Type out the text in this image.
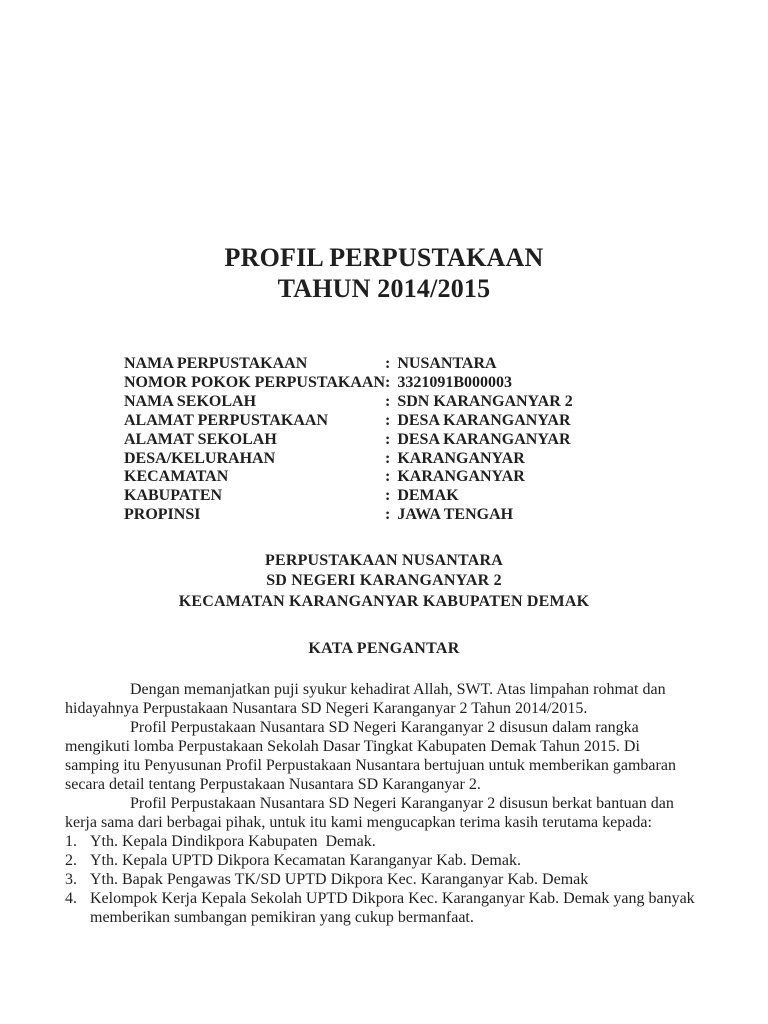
PROFIL PERPUSTAKAAN
TAHUN 2014/2015
NAMA PERPUSTAKAAN	: NUSANTARA
NOMOR POKOK PERPUSTAKAAN : 3321091B000003
NAMA SEKOLAH	: SDN KARANGANYAR 2
ALAMAT PERPUSTAKAAN	: DESA KARANGANYAR
ALAMAT SEKOLAH	: DESA KARANGANYAR
DESA/KELURAHAN	: KARANGANYAR
KECAMATAN	: KARANGANYAR
KABUPATEN	: DEMAK
PROPINSI	: JAWA TENGAH
PERPUSTAKAAN NUSANTARA
SD NEGERI KARANGANYAR 2
KECAMATAN KARANGANYAR KABUPATEN DEMAK
KATA PENGANTAR
Dengan memanjatkan puji syukur kehadirat Allah, SWT. Atas limpahan rohmat dan
hidayahnya Perpustakaan Nusantara SD Negeri Karanganyar 2 Tahun 2014/2015.
Profil Perpustakaan Nusantara SD Negeri Karanganyar 2 disusun dalam rangka
mengikuti lomba Perpustakaan Sekolah Dasar Tingkat Kabupaten Demak Tahun 2015. Di
samping itu Penyusunan Profil Perpustakaan Nusantara bertujuan untuk memberikan gambaran
secara detail tentang Perpustakaan Nusantara SD Karanganyar 2.
Profil Perpustakaan Nusantara SD Negeri Karanganyar 2 disusun berkat bantuan dan
kerja sama dari berbagai pihak, untuk itu kami mengucapkan terima kasih terutama kepada:
1. Yth. Kepala Dindikpora Kabupaten  Demak.
2. Yth. Kepala UPTD Dikpora Kecamatan Karanganyar Kab. Demak.
3. Yth. Bapak Pengawas TK/SD UPTD Dikpora Kec. Karanganyar Kab. Demak
4. Kelompok Kerja Kepala Sekolah UPTD Dikpora Kec. Karanganyar Kab. Demak yang banyak
memberikan sumbangan pemikiran yang cukup bermanfaat.
